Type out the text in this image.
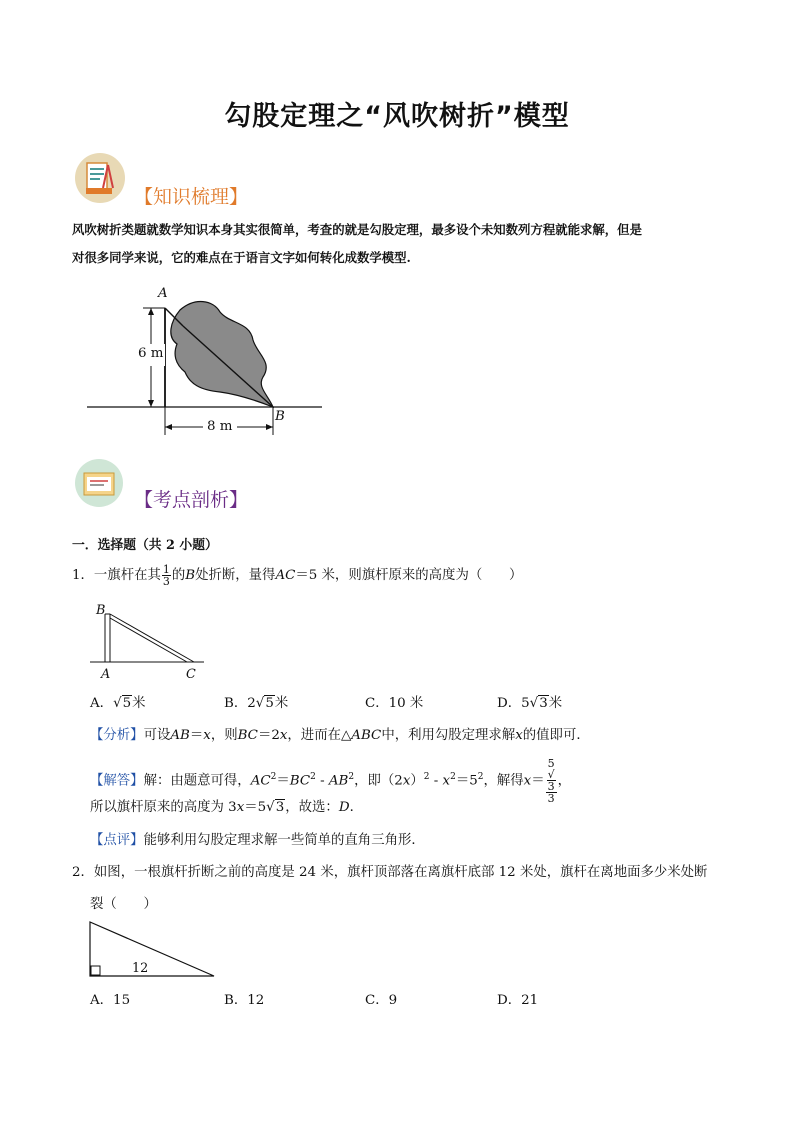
勾股定理之“风吹树折”模型
【知识梳理】
风吹树折类题就数学知识本身其实很简单，考查的就是勾股定理，最多设个未知数列方程就能求解，但是
对很多同学来说，它的难点在于语言文字如何转化成数学模型.
A
B
6 m
8 m
【考点剖析】
一．选择题（共 2 小题）
1．一旗杆在其 $\frac{1}{3}$ 的B处折断，量得AC＝5 米，则旗杆原来的高度为（　　）
B
A	C
A．√5米	B．2√5米	C．10 米	D．5√3米
【分析】可设AB＝x，则BC＝2x，进而在△ABC中，利用勾股定理求解x的值即可．
【解答】解：由题意可得，$AC^2=BC^2 - AB^2$，即$(2x)^2 - x^2=5^2$，解得x＝ 5
√
3
3 ，
所以旗杆原来的高度为 3x＝5√3，故选：D．
【点评】能够利用勾股定理求解一些简单的直角三角形．
2．如图，一根旗杆折断之前的高度是 24 米，旗杆顶部落在离旗杆底部 12 米处，旗杆在离地面多少米处断
裂（　　）
12
A．15	B．12	C．9	D．21
